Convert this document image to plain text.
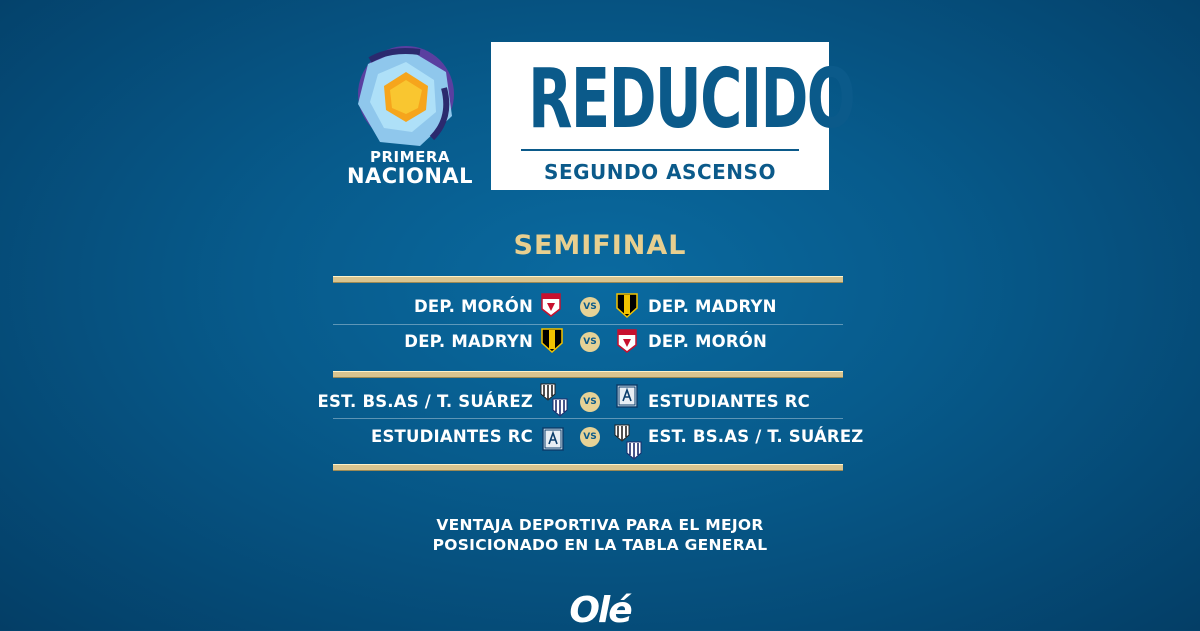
PRIMERA
NACIONAL
REDUCIDO
SEGUNDO ASCENSO
SEMIFINAL
DEP. MORÓN	VS	DEP. MADRYN
DEP. MADRYN	VS	DEP. MORÓN
EST. BS.AS / T. SUÁREZ	VS	ESTUDIANTES RC
ESTUDIANTES RC	VS	EST. BS.AS / T. SUÁREZ
VENTAJA DEPORTIVA PARA EL MEJOR
POSICIONADO EN LA TABLA GENERAL
Olé
